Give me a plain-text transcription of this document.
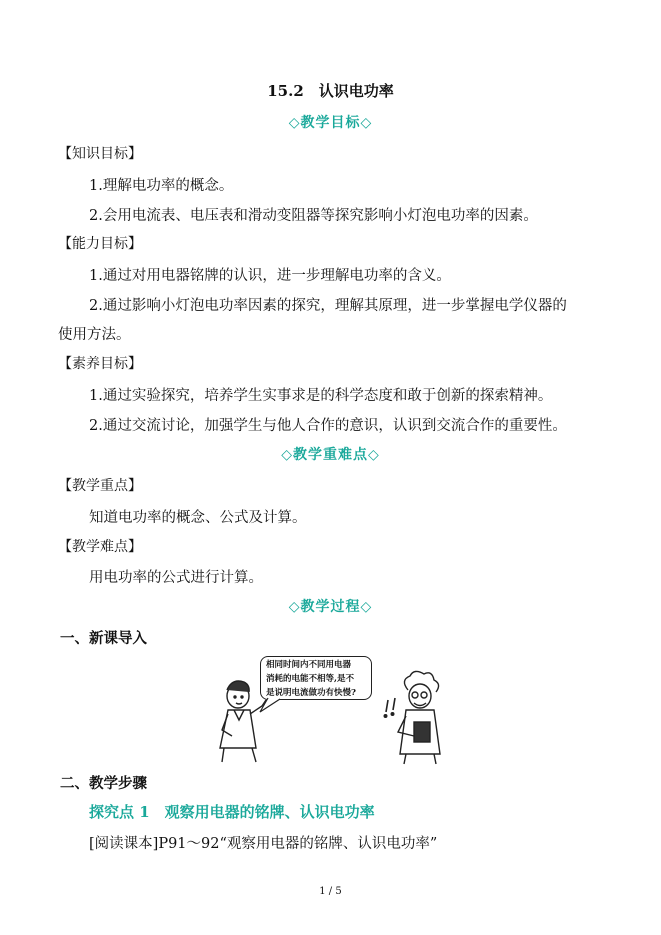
15.2　认识电功率
◇教学目标◇
【知识目标】
1.理解电功率的概念。
2.会用电流表、电压表和滑动变阻器等探究影响小灯泡电功率的因素。
【能力目标】
1.通过对用电器铭牌的认识，进一步理解电功率的含义。
2.通过影响小灯泡电功率因素的探究，理解其原理，进一步掌握电学仪器的
使用方法。
【素养目标】
1.通过实验探究，培养学生实事求是的科学态度和敢于创新的探索精神。
2.通过交流讨论，加强学生与他人合作的意识，认识到交流合作的重要性。
◇教学重难点◇
【教学重点】
知道电功率的概念、公式及计算。
【教学难点】
用电功率的公式进行计算。
◇教学过程◇
一、新课导入
相同时间内不同用电器
消耗的电能不相等,是不
是说明电流做功有快慢?
二、教学步骤
探究点 1　观察用电器的铭牌、认识电功率
[阅读课本]P91～92“观察用电器的铭牌、认识电功率”
1 / 5
